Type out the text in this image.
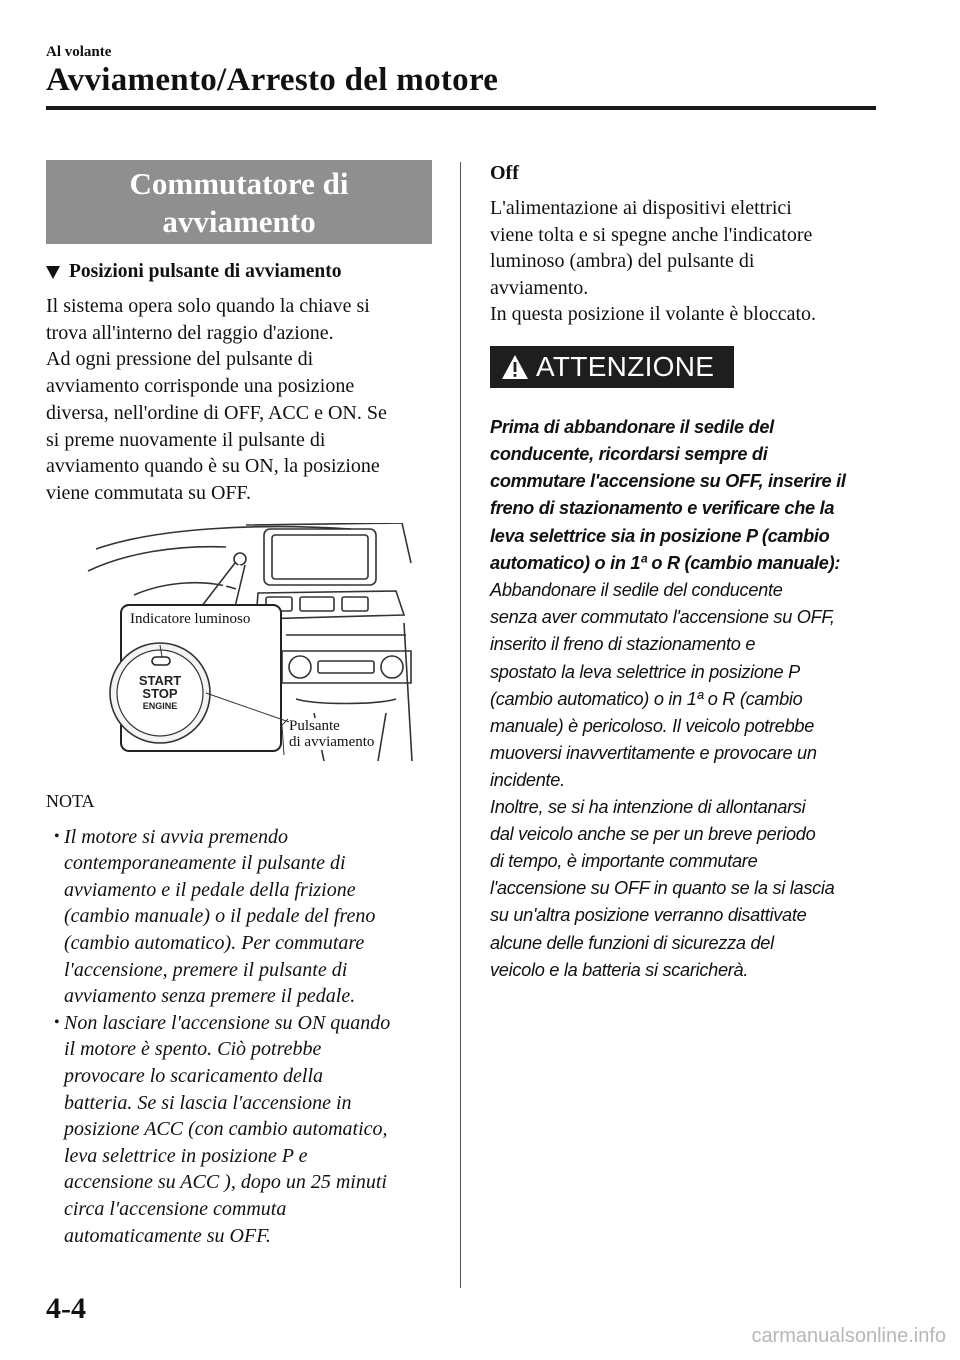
Al volante
Avviamento/Arresto del motore
Commutatore di
avviamento
Posizioni pulsante di avviamento
Il sistema opera solo quando la chiave si
trova all'interno del raggio d'azione.
Ad ogni pressione del pulsante di
avviamento corrisponde una posizione
diversa, nell'ordine di OFF, ACC e ON. Se
si preme nuovamente il pulsante di
avviamento quando è su ON, la posizione
viene commutata su OFF.
START
STOP
ENGINE
Indicatore luminoso
Pulsante
di avviamento
NOTA
• Il motore si avvia premendo
contemporaneamente il pulsante di
avviamento e il pedale della frizione
(cambio manuale) o il pedale del freno
(cambio automatico). Per commutare
l'accensione, premere il pulsante di
avviamento senza premere il pedale.
• Non lasciare l'accensione su ON quando
il motore è spento. Ciò potrebbe
provocare lo scaricamento della
batteria. Se si lascia l'accensione in
posizione ACC (con cambio automatico,
leva selettrice in posizione P e
accensione su ACC ), dopo un 25 minuti
circa l'accensione commuta
automaticamente su OFF.
Off
L'alimentazione ai dispositivi elettrici
viene tolta e si spegne anche l'indicatore
luminoso (ambra) del pulsante di
avviamento.
In questa posizione il volante è bloccato.
ATTENZIONE
Prima di abbandonare il sedile del
conducente, ricordarsi sempre di
commutare l'accensione su OFF, inserire il
freno di stazionamento e verificare che la
leva selettrice sia in posizione P (cambio
automatico) o in 1ª o R (cambio manuale):
Abbandonare il sedile del conducente
senza aver commutato l'accensione su OFF,
inserito il freno di stazionamento e
spostato la leva selettrice in posizione P
(cambio automatico) o in 1ª o R (cambio
manuale) è pericoloso. Il veicolo potrebbe
muoversi inavvertitamente e provocare un
incidente.
Inoltre, se si ha intenzione di allontanarsi
dal veicolo anche se per un breve periodo
di tempo, è importante commutare
l'accensione su OFF in quanto se la si lascia
su un'altra posizione verranno disattivate
alcune delle funzioni di sicurezza del
veicolo e la batteria si scaricherà.
4-4
carmanualsonline.info
